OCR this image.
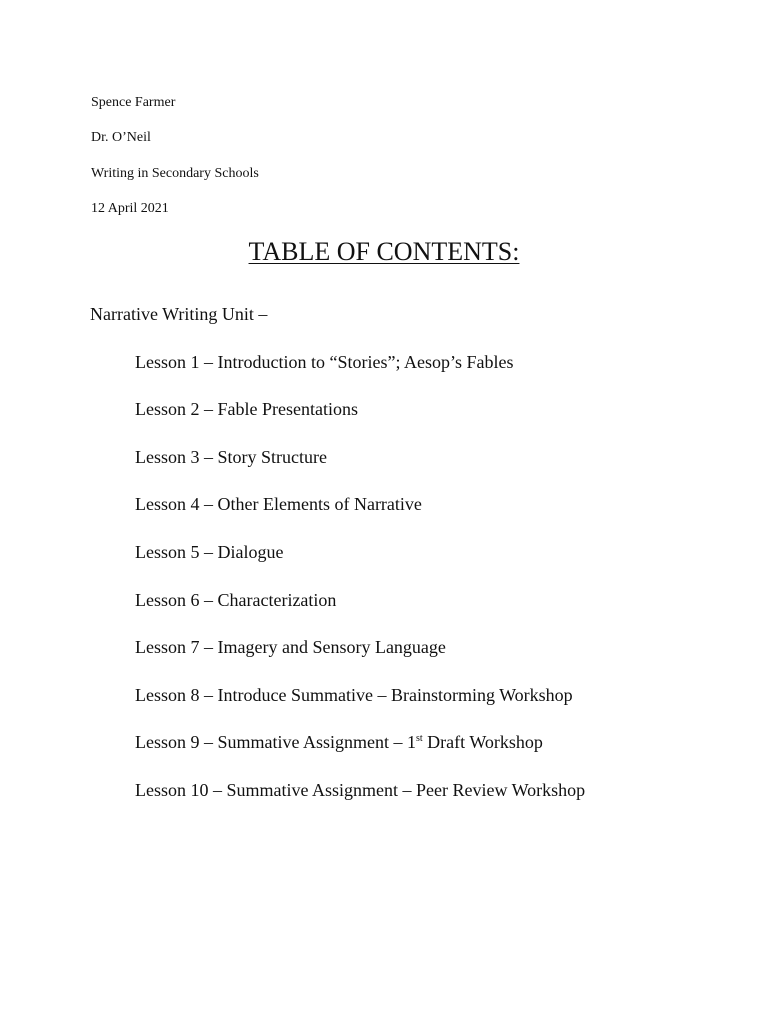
Spence Farmer
Dr. O’Neil
Writing in Secondary Schools
12 April 2021
TABLE OF CONTENTS:
Narrative Writing Unit –
Lesson 1 – Introduction to “Stories”; Aesop’s Fables
Lesson 2 – Fable Presentations
Lesson 3 – Story Structure
Lesson 4 – Other Elements of Narrative
Lesson 5 – Dialogue
Lesson 6 – Characterization
Lesson 7 – Imagery and Sensory Language
Lesson 8 – Introduce Summative – Brainstorming Workshop
Lesson 9 – Summative Assignment – 1st Draft Workshop
Lesson 10 – Summative Assignment – Peer Review Workshop
